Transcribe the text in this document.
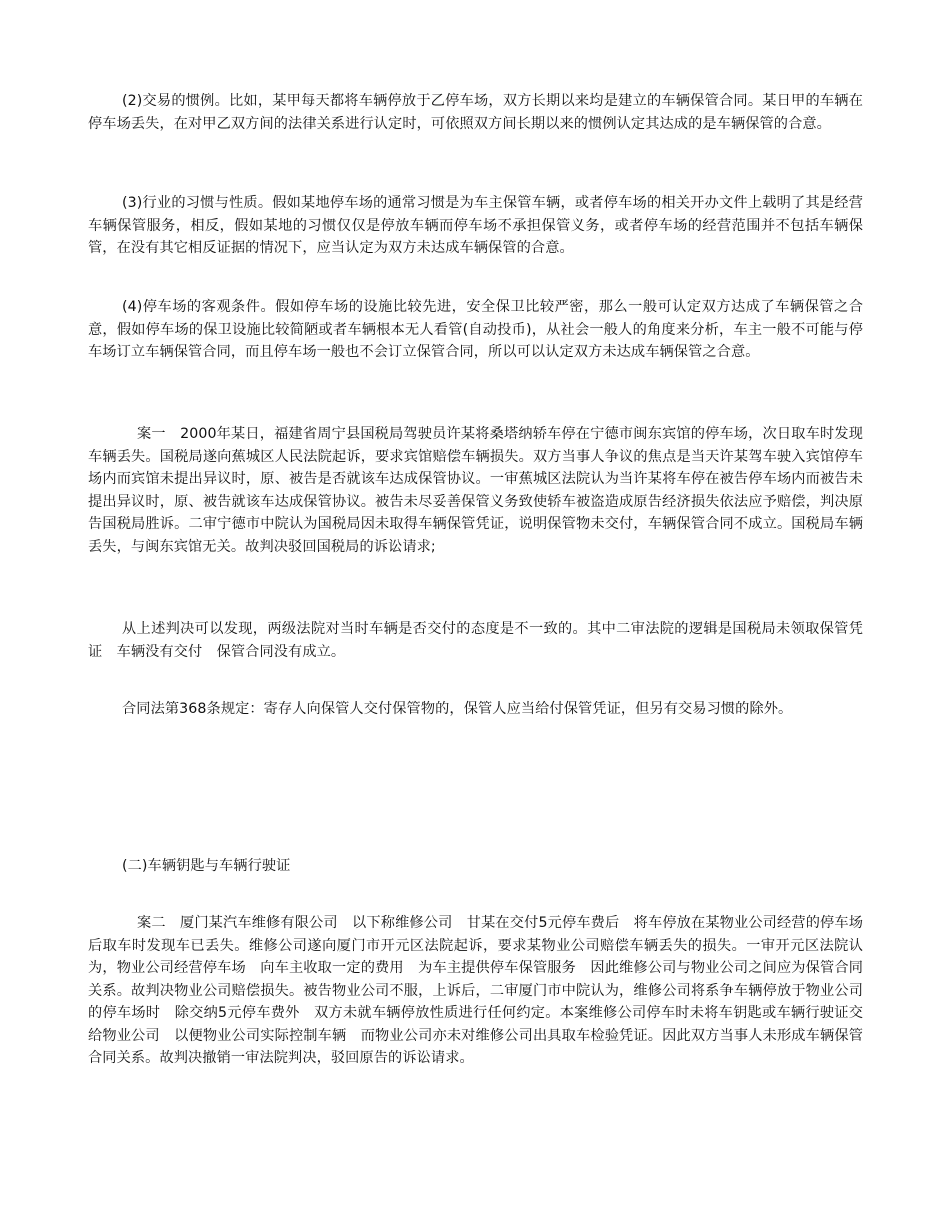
(2)交易的惯例。比如，某甲每天都将车辆停放于乙停车场，双方长期以来均是建立的车辆保管合同。某日甲的车辆在停车场丢失，在对甲乙双方间的法律关系进行认定时，可依照双方间长期以来的惯例认定其达成的是车辆保管的合意。

(3)行业的习惯与性质。假如某地停车场的通常习惯是为车主保管车辆，或者停车场的相关开办文件上载明了其是经营车辆保管服务，相反，假如某地的习惯仅仅是停放车辆而停车场不承担保管义务，或者停车场的经营范围并不包括车辆保管，在没有其它相反证据的情况下，应当认定为双方未达成车辆保管的合意。

(4)停车场的客观条件。假如停车场的设施比较先进，安全保卫比较严密，那么一般可认定双方达成了车辆保管之合意，假如停车场的保卫设施比较简陋或者车辆根本无人看管(自动投币)，从社会一般人的角度来分析，车主一般不可能与停车场订立车辆保管合同，而且停车场一般也不会订立保管合同，所以可以认定双方未达成车辆保管之合意。

案一　2000年某日，福建省周宁县国税局驾驶员许某将桑塔纳轿车停在宁德市闽东宾馆的停车场，次日取车时发现车辆丢失。国税局遂向蕉城区人民法院起诉，要求宾馆赔偿车辆损失。双方当事人争议的焦点是当天许某驾车驶入宾馆停车场内而宾馆未提出异议时，原、被告是否就该车达成保管协议。一审蕉城区法院认为当许某将车停在被告停车场内而被告未提出异议时，原、被告就该车达成保管协议。被告未尽妥善保管义务致使轿车被盗造成原告经济损失依法应予赔偿，判决原告国税局胜诉。二审宁德市中院认为国税局因未取得车辆保管凭证，说明保管物未交付，车辆保管合同不成立。国税局车辆丢失，与闽东宾馆无关。故判决驳回国税局的诉讼请求;

从上述判决可以发现，两级法院对当时车辆是否交付的态度是不一致的。其中二审法院的逻辑是国税局未领取保管凭证　车辆没有交付　保管合同没有成立。

合同法第368条规定：寄存人向保管人交付保管物的，保管人应当给付保管凭证，但另有交易习惯的除外。

(二)车辆钥匙与车辆行驶证

案二　厦门某汽车维修有限公司　以下称维修公司　甘某在交付5元停车费后　将车停放在某物业公司经营的停车场　后取车时发现车已丢失。维修公司遂向厦门市开元区法院起诉，要求某物业公司赔偿车辆丢失的损失。一审开元区法院认为，物业公司经营停车场　向车主收取一定的费用　为车主提供停车保管服务　因此维修公司与物业公司之间应为保管合同关系。故判决物业公司赔偿损失。被告物业公司不服，上诉后，二审厦门市中院认为，维修公司将系争车辆停放于物业公司的停车场时　除交纳5元停车费外　双方未就车辆停放性质进行任何约定。本案维修公司停车时未将车钥匙或车辆行驶证交给物业公司　以便物业公司实际控制车辆　而物业公司亦未对维修公司出具取车检验凭证。因此双方当事人未形成车辆保管合同关系。故判决撤销一审法院判决，驳回原告的诉讼请求。
